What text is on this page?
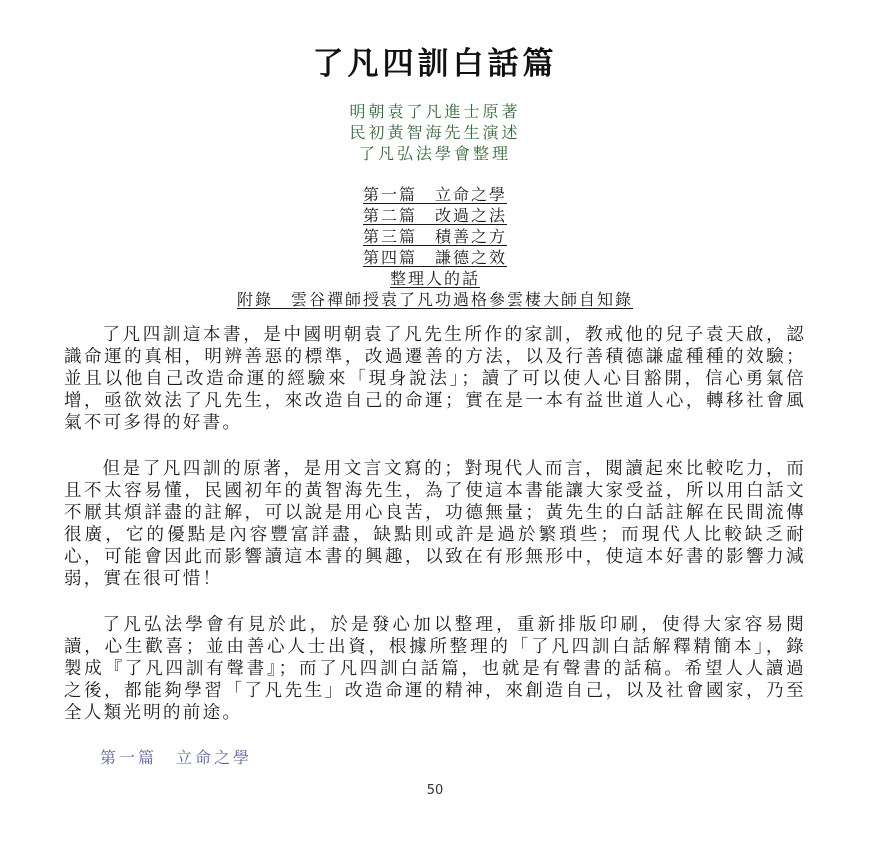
了凡四訓白話篇
明朝袁了凡進士原著
民初黃智海先生演述
了凡弘法學會整理
第一篇　立命之學
第二篇　改過之法
第三篇　積善之方
第四篇　謙德之效
整理人的話
附錄　雲谷禪師授袁了凡功過格參雲棲大師自知錄

了凡四訓這本書，是中國明朝袁了凡先生所作的家訓，教戒他的兒子袁天啟，認識命運的真相，明辨善惡的標準，改過遷善的方法，以及行善積德謙虛種種的效驗；並且以他自己改造命運的經驗來「現身說法」；讀了可以使人心目豁開，信心勇氣倍增，亟欲效法了凡先生，來改造自己的命運；實在是一本有益世道人心，轉移社會風氣不可多得的好書。

但是了凡四訓的原著，是用文言文寫的；對現代人而言，閱讀起來比較吃力，而且不太容易懂，民國初年的黃智海先生，為了使這本書能讓大家受益，所以用白話文不厭其煩詳盡的註解，可以說是用心良苦，功德無量；黃先生的白話註解在民間流傳很廣，它的優點是內容豐富詳盡，缺點則或許是過於繁瑣些；而現代人比較缺乏耐心，可能會因此而影響讀這本書的興趣，以致在有形無形中，使這本好書的影響力減弱，實在很可惜！

了凡弘法學會有見於此，於是發心加以整理，重新排版印刷，使得大家容易閱讀，心生歡喜；並由善心人士出資，根據所整理的「了凡四訓白話解釋精簡本」，錄製成『了凡四訓有聲書』；而了凡四訓白話篇，也就是有聲書的話稿。希望人人讀過之後，都能夠學習「了凡先生」改造命運的精神，來創造自己，以及社會國家，乃至全人類光明的前途。

第一篇　立命之學
50
